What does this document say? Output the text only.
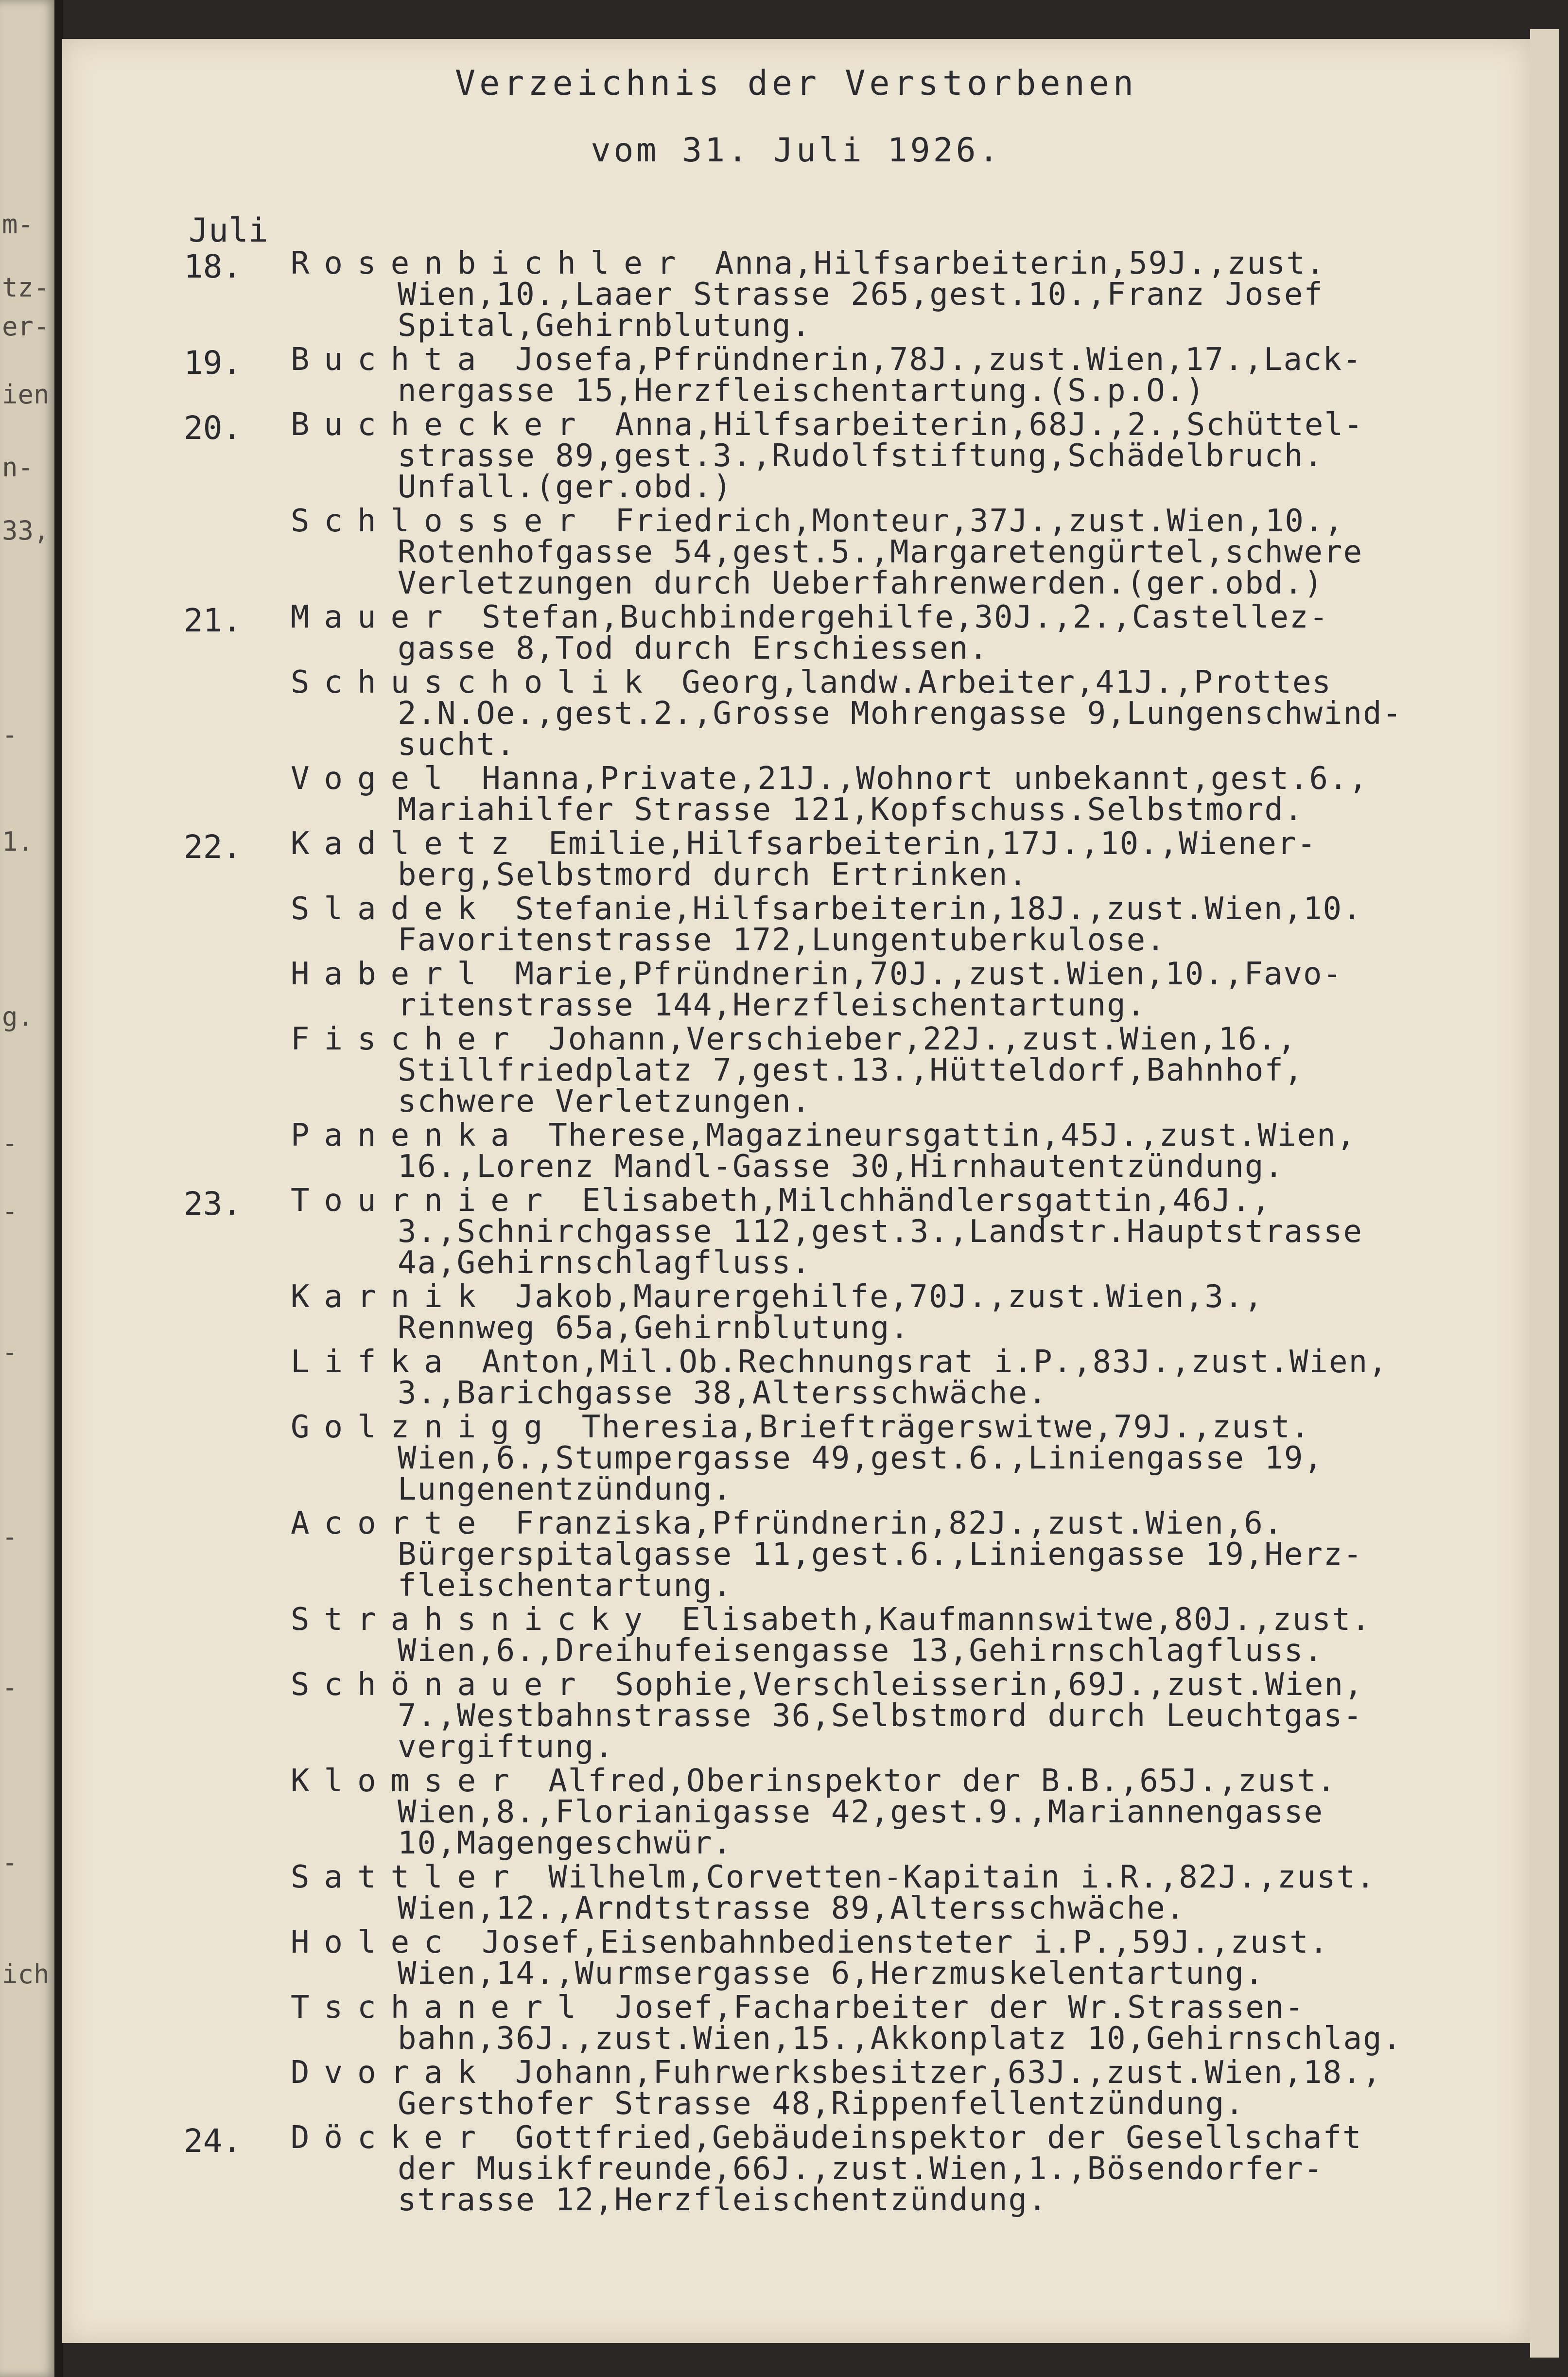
m-
tz-
er-
ien
n-
33,
-
1.
g.
-
-
-
-
-
-
ich
Verzeichnis der Verstorbenen
vom 31. Juli 1926.
Juli
18.	Rosenbichler Anna,Hilfsarbeiterin,59J.,zust.
Wien,10.,Laaer Strasse 265,gest.10.,Franz Josef
Spital,Gehirnblutung.
19.	Buchta Josefa,Pfründnerin,78J.,zust.Wien,17.,Lack-
nergasse 15,Herzfleischentartung.(S.p.O.)
20.	Buchecker Anna,Hilfsarbeiterin,68J.,2.,Schüttel-
strasse 89,gest.3.,Rudolfstiftung,Schädelbruch.
Unfall.(ger.obd.)
Schlosser Friedrich,Monteur,37J.,zust.Wien,10.,
Rotenhofgasse 54,gest.5.,Margaretengürtel,schwere
Verletzungen durch Ueberfahrenwerden.(ger.obd.)
21.	Mauer Stefan,Buchbindergehilfe,30J.,2.,Castellez-
gasse 8,Tod durch Erschiessen.
Schuscholik Georg,landw.Arbeiter,41J.,Prottes
2.N.Oe.,gest.2.,Grosse Mohrengasse 9,Lungenschwind-
sucht.
Vogel Hanna,Private,21J.,Wohnort unbekannt,gest.6.,
Mariahilfer Strasse 121,Kopfschuss.Selbstmord.
22.	Kadletz Emilie,Hilfsarbeiterin,17J.,10.,Wiener-
berg,Selbstmord durch Ertrinken.
Sladek Stefanie,Hilfsarbeiterin,18J.,zust.Wien,10.
Favoritenstrasse 172,Lungentuberkulose.
Haberl Marie,Pfründnerin,70J.,zust.Wien,10.,Favo-
ritenstrasse 144,Herzfleischentartung.
Fischer Johann,Verschieber,22J.,zust.Wien,16.,
Stillfriedplatz 7,gest.13.,Hütteldorf,Bahnhof,
schwere Verletzungen.
Panenka Therese,Magazineursgattin,45J.,zust.Wien,
16.,Lorenz Mandl-Gasse 30,Hirnhautentzündung.
23.	Tournier Elisabeth,Milchhändlersgattin,46J.,
3.,Schnirchgasse 112,gest.3.,Landstr.Hauptstrasse
4a,Gehirnschlagfluss.
Karnik Jakob,Maurergehilfe,70J.,zust.Wien,3.,
Rennweg 65a,Gehirnblutung.
Lifka Anton,Mil.Ob.Rechnungsrat i.P.,83J.,zust.Wien,
3.,Barichgasse 38,Altersschwäche.
Golznigg Theresia,Briefträgerswitwe,79J.,zust.
Wien,6.,Stumpergasse 49,gest.6.,Liniengasse 19,
Lungenentzündung.
Acorte Franziska,Pfründnerin,82J.,zust.Wien,6.
Bürgerspitalgasse 11,gest.6.,Liniengasse 19,Herz-
fleischentartung.
Strahsnicky Elisabeth,Kaufmannswitwe,80J.,zust.
Wien,6.,Dreihufeisengasse 13,Gehirnschlagfluss.
Schönauer Sophie,Verschleisserin,69J.,zust.Wien,
7.,Westbahnstrasse 36,Selbstmord durch Leuchtgas-
vergiftung.
Klomser Alfred,Oberinspektor der B.B.,65J.,zust.
Wien,8.,Florianigasse 42,gest.9.,Mariannengasse
10,Magengeschwür.
Sattler Wilhelm,Corvetten-Kapitain i.R.,82J.,zust.
Wien,12.,Arndtstrasse 89,Altersschwäche.
Holec Josef,Eisenbahnbediensteter i.P.,59J.,zust.
Wien,14.,Wurmsergasse 6,Herzmuskelentartung.
Tschanerl Josef,Facharbeiter der Wr.Strassen-
bahn,36J.,zust.Wien,15.,Akkonplatz 10,Gehirnschlag.
Dvorak Johann,Fuhrwerksbesitzer,63J.,zust.Wien,18.,
Gersthofer Strasse 48,Rippenfellentzündung.
24.	Döcker Gottfried,Gebäudeinspektor der Gesellschaft
der Musikfreunde,66J.,zust.Wien,1.,Bösendorfer-
strasse 12,Herzfleischentzündung.
